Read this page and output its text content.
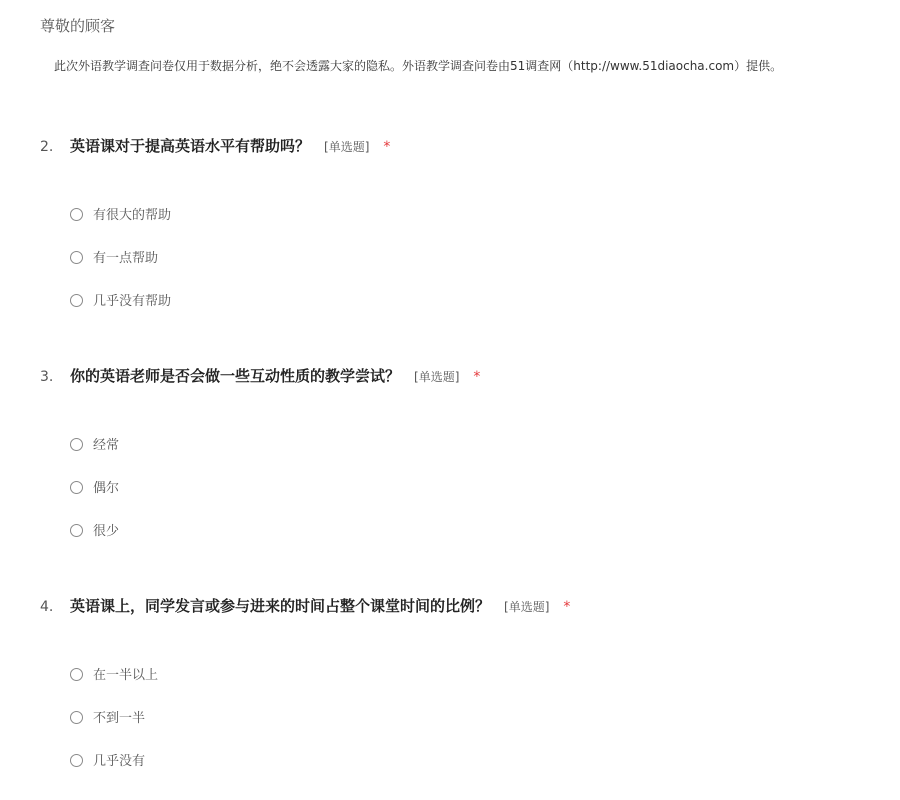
尊敬的顾客
此次外语教学调查问卷仅用于数据分析，绝不会透露大家的隐私。外语教学调查问卷由51调查网（http://www.51diaocha.com）提供。
2. 英语课对于提高英语水平有帮助吗？ [单选题] *
有很大的帮助
有一点帮助
几乎没有帮助
3. 你的英语老师是否会做一些互动性质的教学尝试？ [单选题] *
经常
偶尔
很少
4. 英语课上，同学发言或参与进来的时间占整个课堂时间的比例？ [单选题] *
在一半以上
不到一半
几乎没有
